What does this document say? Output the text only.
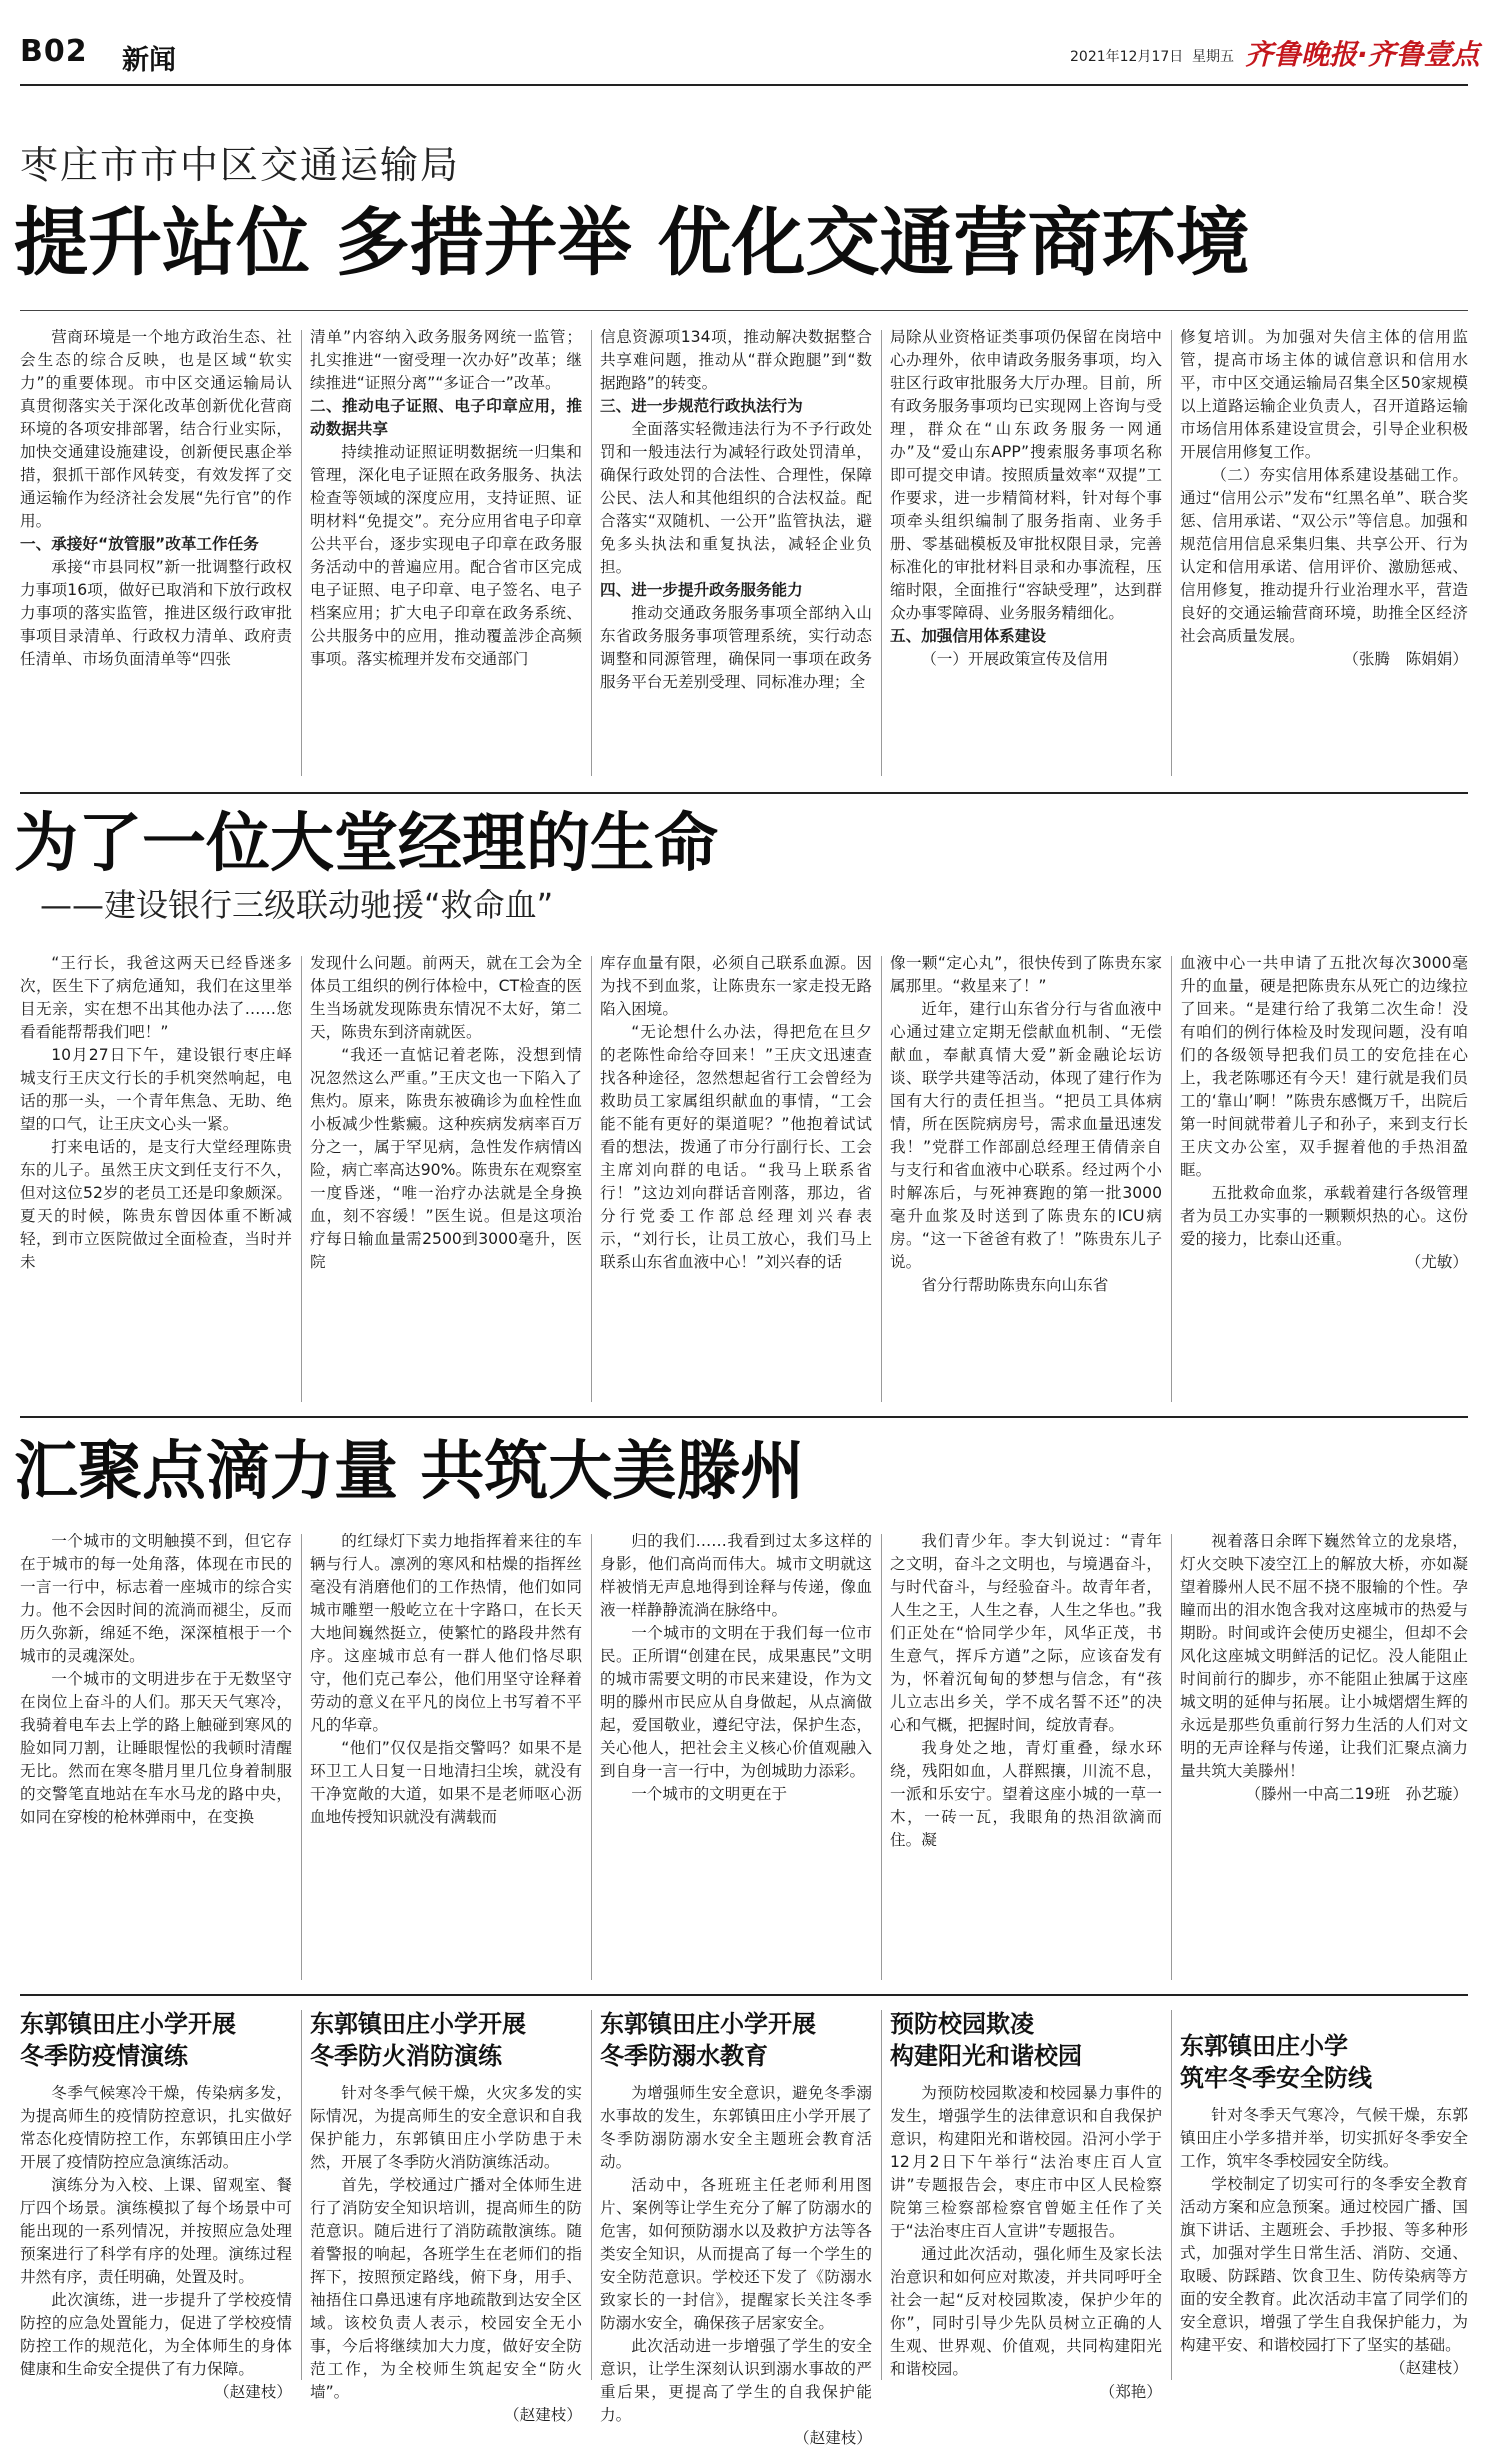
B02 新闻	2021年12月17日 星期五 齐鲁晚报·齐鲁壹点
枣庄市市中区交通运输局
提升站位 多措并举 优化交通营商环境

营商环境是一个地方政治生态、社会生态的综合反映，也是区域“软实力”的重要体现。市中区交通运输局认真贯彻落实关于深化改革创新优化营商环境的各项安排部署，结合行业实际，加快交通建设施建设，创新便民惠企举措，狠抓干部作风转变，有效发挥了交通运输作为经济社会发展“先行官”的作用。

一、承接好“放管服”改革工作任务

承接“市县同权”新一批调整行政权力事项16项，做好已取消和下放行政权力事项的落实监管，推进区级行政审批事项目录清单、行政权力清单、政府责任清单、市场负面清单等“四张

清单”内容纳入政务服务网统一监管；扎实推进“一窗受理一次办好”改革；继续推进“证照分离”“多证合一”改革。

二、推动电子证照、电子印章应用，推动数据共享

持续推动证照证明数据统一归集和管理，深化电子证照在政务服务、执法检查等领域的深度应用，支持证照、证明材料“免提交”。充分应用省电子印章公共平台，逐步实现电子印章在政务服务活动中的普遍应用。配合省市区完成电子证照、电子印章、电子签名、电子档案应用；扩大电子印章在政务系统、公共服务中的应用，推动覆盖涉企高频事项。落实梳理并发布交通部门

信息资源项134项，推动解决数据整合共享难问题，推动从“群众跑腿”到“数据跑路”的转变。

三、进一步规范行政执法行为

全面落实轻微违法行为不予行政处罚和一般违法行为减轻行政处罚清单，确保行政处罚的合法性、合理性，保障公民、法人和其他组织的合法权益。配合落实“双随机、一公开”监管执法，避免多头执法和重复执法，减轻企业负担。

四、进一步提升政务服务能力

推动交通政务服务事项全部纳入山东省政务服务事项管理系统，实行动态调整和同源管理，确保同一事项在政务服务平台无差别受理、同标准办理；全

局除从业资格证类事项仍保留在岗培中心办理外，依申请政务服务事项，均入驻区行政审批服务大厅办理。目前，所有政务服务事项均已实现网上咨询与受理，群众在“山东政务服务一网通办”及“爱山东APP”搜索服务事项名称即可提交申请。按照质量效率“双提”工作要求，进一步精简材料，针对每个事项牵头组织编制了服务指南、业务手册、零基础模板及审批权限目录，完善标准化的审批材料目录和办事流程，压缩时限，全面推行“容缺受理”，达到群众办事零障碍、业务服务精细化。

五、加强信用体系建设

（一）开展政策宣传及信用

修复培训。为加强对失信主体的信用监管，提高市场主体的诚信意识和信用水平，市中区交通运输局召集全区50家规模以上道路运输企业负责人，召开道路运输市场信用体系建设宣贯会，引导企业积极开展信用修复工作。

（二）夯实信用体系建设基础工作。通过“信用公示”发布“红黑名单”、联合奖惩、信用承诺、“双公示”等信息。加强和规范信用信息采集归集、共享公开、行为认定和信用承诺、信用评价、激励惩戒、信用修复，推动提升行业治理水平，营造良好的交通运输营商环境，助推全区经济社会高质量发展。

（张腾　陈娟娟）

为了一位大堂经理的生命
——建设银行三级联动驰援“救命血”

“王行长，我爸这两天已经昏迷多次，医生下了病危通知，我们在这里举目无亲，实在想不出其他办法了……您看看能帮帮我们吧！”

10月27日下午，建设银行枣庄峄城支行王庆文行长的手机突然响起，电话的那一头，一个青年焦急、无助、绝望的口气，让王庆文心头一紧。

打来电话的，是支行大堂经理陈贵东的儿子。虽然王庆文到任支行不久，但对这位52岁的老员工还是印象颇深。夏天的时候，陈贵东曾因体重不断减轻，到市立医院做过全面检查，当时并未

发现什么问题。前两天，就在工会为全体员工组织的例行体检中，CT检查的医生当场就发现陈贵东情况不太好，第二天，陈贵东到济南就医。

“我还一直惦记着老陈，没想到情况忽然这么严重。”王庆文也一下陷入了焦灼。原来，陈贵东被确诊为血栓性血小板减少性紫癜。这种疾病发病率百万分之一，属于罕见病，急性发作病情凶险，病亡率高达90%。陈贵东在观察室一度昏迷，“唯一治疗办法就是全身换血，刻不容缓！”医生说。但是这项治疗每日输血量需2500到3000毫升，医院

库存血量有限，必须自己联系血源。因为找不到血浆，让陈贵东一家走投无路陷入困境。

“无论想什么办法，得把危在旦夕的老陈性命给夺回来！”王庆文迅速查找各种途径，忽然想起省行工会曾经为救助员工家属组织献血的事情，“工会能不能有更好的渠道呢？”他抱着试试看的想法，拨通了市分行副行长、工会主席刘向群的电话。“我马上联系省行！”这边刘向群话音刚落，那边，省分行党委工作部总经理刘兴春表示，“刘行长，让员工放心，我们马上联系山东省血液中心！”刘兴春的话

像一颗“定心丸”，很快传到了陈贵东家属那里。“救星来了！”

近年，建行山东省分行与省血液中心通过建立定期无偿献血机制、“无偿献血，奉献真情大爱”新金融论坛访谈、联学共建等活动，体现了建行作为国有大行的责任担当。“把员工具体病情，所在医院病房号，需求血量迅速发我！”党群工作部副总经理王倩倩亲自与支行和省血液中心联系。经过两个小时解冻后，与死神赛跑的第一批3000毫升血浆及时送到了陈贵东的ICU病房。“这一下爸爸有救了！”陈贵东儿子说。

省分行帮助陈贵东向山东省

血液中心一共申请了五批次每次3000毫升的血量，硬是把陈贵东从死亡的边缘拉了回来。“是建行给了我第二次生命！没有咱们的例行体检及时发现问题，没有咱们的各级领导把我们员工的安危挂在心上，我老陈哪还有今天！建行就是我们员工的‘靠山’啊！”陈贵东感慨万千，出院后第一时间就带着儿子和孙子，来到支行长王庆文办公室，双手握着他的手热泪盈眶。

五批救命血浆，承载着建行各级管理者为员工办实事的一颗颗炽热的心。这份爱的接力，比泰山还重。

（尤敏）

汇聚点滴力量 共筑大美滕州

一个城市的文明触摸不到，但它存在于城市的每一处角落，体现在市民的一言一行中，标志着一座城市的综合实力。他不会因时间的流淌而褪尘，反而历久弥新，绵延不绝，深深植根于一个城市的灵魂深处。

一个城市的文明进步在于无数坚守在岗位上奋斗的人们。那天天气寒冷，我骑着电车去上学的路上触碰到寒风的脸如同刀割，让睡眼惺忪的我顿时清醒无比。然而在寒冬腊月里几位身着制服的交警笔直地站在车水马龙的路中央，如同在穿梭的枪林弹雨中，在变换

的红绿灯下卖力地指挥着来往的车辆与行人。凛冽的寒风和枯燥的指挥丝毫没有消磨他们的工作热情，他们如同城市雕塑一般屹立在十字路口，在长天大地间巍然挺立，使繁忙的路段井然有序。这座城市总有一群人他们恪尽职守，他们克己奉公，他们用坚守诠释着劳动的意义在平凡的岗位上书写着不平凡的华章。

“他们”仅仅是指交警吗？如果不是环卫工人日复一日地清扫尘埃，就没有干净宽敞的大道，如果不是老师呕心沥血地传授知识就没有满载而

归的我们……我看到过太多这样的身影，他们高尚而伟大。城市文明就这样被悄无声息地得到诠释与传递，像血液一样静静流淌在脉络中。

一个城市的文明在于我们每一位市民。正所谓“创建在民，成果惠民”文明的城市需要文明的市民来建设，作为文明的滕州市民应从自身做起，从点滴做起，爱国敬业，遵纪守法，保护生态，关心他人，把社会主义核心价值观融入到自身一言一行中，为创城助力添彩。

一个城市的文明更在于

我们青少年。李大钊说过：“青年之文明，奋斗之文明也，与境遇奋斗，与时代奋斗，与经验奋斗。故青年者，人生之王，人生之春，人生之华也。”我们正处在“恰同学少年，风华正茂，书生意气，挥斥方遒”之际，应该奋发有为，怀着沉甸甸的梦想与信念，有“孩儿立志出乡关，学不成名誓不还”的决心和气概，把握时间，绽放青春。

我身处之地，青灯重叠，绿水环绕，残阳如血，人群熙攘，川流不息，一派和乐安宁。望着这座小城的一草一木，一砖一瓦，我眼角的热泪欲滴而住。凝

视着落日余晖下巍然耸立的龙泉塔，灯火交映下凌空江上的解放大桥，亦如凝望着滕州人民不屈不挠不服输的个性。孕瞳而出的泪水饱含我对这座城市的热爱与期盼。时间或许会使历史褪尘，但却不会风化这座城文明鲜活的记忆。没人能阻止时间前行的脚步，亦不能阻止独属于这座城文明的延伸与拓展。让小城熠熠生辉的永远是那些负重前行努力生活的人们对文明的无声诠释与传递，让我们汇聚点滴力量共筑大美滕州！

（滕州一中高二19班　孙艺璇）

东郭镇田庄小学开展
冬季防疫情演练

冬季气候寒冷干燥，传染病多发，为提高师生的疫情防控意识，扎实做好常态化疫情防控工作，东郭镇田庄小学开展了疫情防控应急演练活动。

演练分为入校、上课、留观室、餐厅四个场景。演练模拟了每个场景中可能出现的一系列情况，并按照应急处理预案进行了科学有序的处理。演练过程井然有序，责任明确，处置及时。

此次演练，进一步提升了学校疫情防控的应急处置能力，促进了学校疫情防控工作的规范化，为全体师生的身体健康和生命安全提供了有力保障。

（赵建枝）

东郭镇田庄小学开展
冬季防火消防演练

针对冬季气候干燥，火灾多发的实际情况，为提高师生的安全意识和自我保护能力，东郭镇田庄小学防患于未然，开展了冬季防火消防演练活动。

首先，学校通过广播对全体师生进行了消防安全知识培训，提高师生的防范意识。随后进行了消防疏散演练。随着警报的响起，各班学生在老师们的指挥下，按照预定路线，俯下身，用手、袖捂住口鼻迅速有序地疏散到达安全区域。该校负责人表示，校园安全无小事，今后将继续加大力度，做好安全防范工作，为全校师生筑起安全“防火墙”。

（赵建枝）

东郭镇田庄小学开展
冬季防溺水教育

为增强师生安全意识，避免冬季溺水事故的发生，东郭镇田庄小学开展了冬季防溺防溺水安全主题班会教育活动。

活动中，各班班主任老师利用图片、案例等让学生充分了解了防溺水的危害，如何预防溺水以及救护方法等各类安全知识，从而提高了每一个学生的安全防范意识。学校还下发了《防溺水致家长的一封信》，提醒家长关注冬季防溺水安全，确保孩子居家安全。

此次活动进一步增强了学生的安全意识，让学生深刻认识到溺水事故的严重后果，更提高了学生的自我保护能力。

（赵建枝）

预防校园欺凌
构建阳光和谐校园

为预防校园欺凌和校园暴力事件的发生，增强学生的法律意识和自我保护意识，构建阳光和谐校园。沿河小学于12月2日下午举行“法治枣庄百人宣讲”专题报告会，枣庄市中区人民检察院第三检察部检察官曾姬主任作了关于“法治枣庄百人宣讲”专题报告。

通过此次活动，强化师生及家长法治意识和如何应对欺凌，并共同呼吁全社会一起“反对校园欺凌，保护少年的你”，同时引导少先队员树立正确的人生观、世界观、价值观，共同构建阳光和谐校园。

（郑艳）

东郭镇田庄小学
筑牢冬季安全防线

针对冬季天气寒冷，气候干燥，东郭镇田庄小学多措并举，切实抓好冬季安全工作，筑牢冬季校园安全防线。

学校制定了切实可行的冬季安全教育活动方案和应急预案。通过校园广播、国旗下讲话、主题班会、手抄报、等多种形式，加强对学生日常生活、消防、交通、取暖、防踩踏、饮食卫生、防传染病等方面的安全教育。此次活动丰富了同学们的安全意识，增强了学生自我保护能力，为构建平安、和谐校园打下了坚实的基础。

（赵建枝）
